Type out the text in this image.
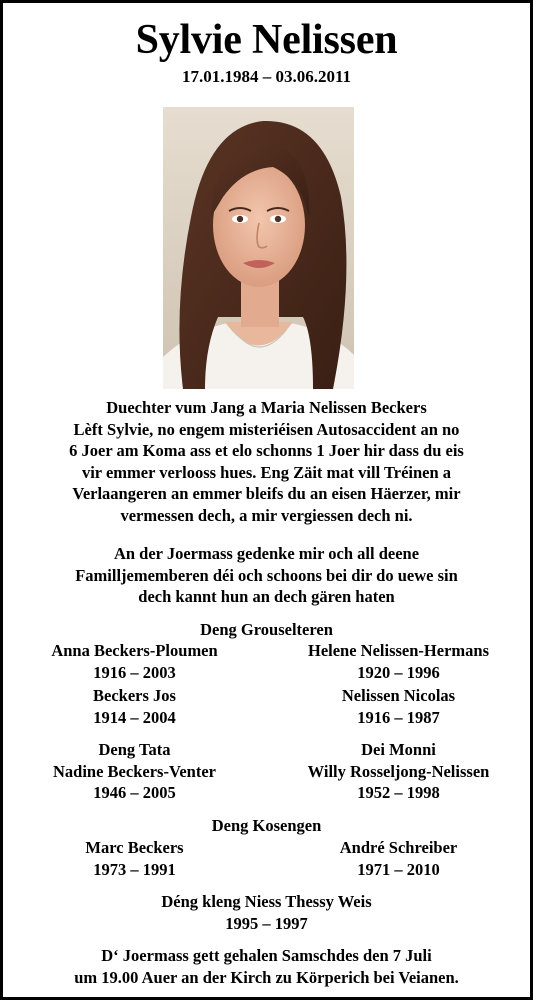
Sylvie Nelissen
17.01.1984 – 03.06.2011
Duechter vum Jang a Maria Nelissen Beckers
Lèft Sylvie, no engem misteriéisen Autosaccident an no
6 Joer am Koma ass et elo schonns 1 Joer hir dass du eis
vir emmer verlooss hues. Eng Zäit mat vill Tréinen a
Verlaangeren an emmer bleifs du an eisen Häerzer, mir
vermessen dech, a mir vergiessen dech ni.
An der Joermass gedenke mir och all deene
Familljememberen déi och schoons bei dir do uewe sin
dech kannt hun an dech gären haten
Deng Grouselteren
Anna Beckers-Ploumen
1916 – 2003
Helene Nelissen-Hermans
1920 – 1996
Beckers Jos
1914 – 2004
Nelissen Nicolas
1916 – 1987
Deng Tata
Nadine Beckers-Venter
1946 – 2005
Dei Monni
Willy Rosseljong-Nelissen
1952 – 1998
Deng Kosengen
Marc Beckers
1973 – 1991
André Schreiber
1971 – 2010
Déng kleng Niess Thessy Weis
1995 – 1997
D‘ Joermass gett gehalen Samschdes den 7 Juli
um 19.00 Auer an der Kirch zu Körperich bei Veianen.
